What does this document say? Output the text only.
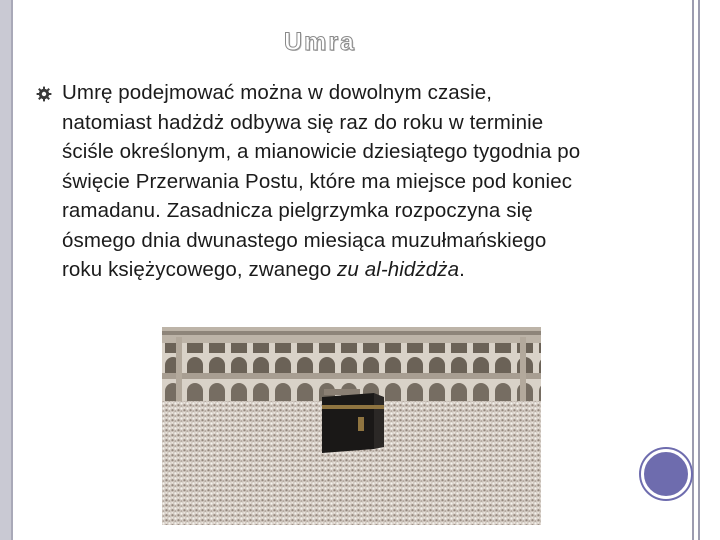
Umra
Umrę podejmować można w dowolnym czasie, natomiast hadżdż odbywa się raz do roku w terminie ściśle określonym, a mianowicie dziesiątego tygodnia po święcie Przerwania Postu, które ma miejsce pod koniec ramadanu. Zasadnicza pielgrzymka rozpoczyna się ósmego dnia dwunastego miesiąca muzułmańskiego roku księżycowego, zwanego zu al-hidżdża.
